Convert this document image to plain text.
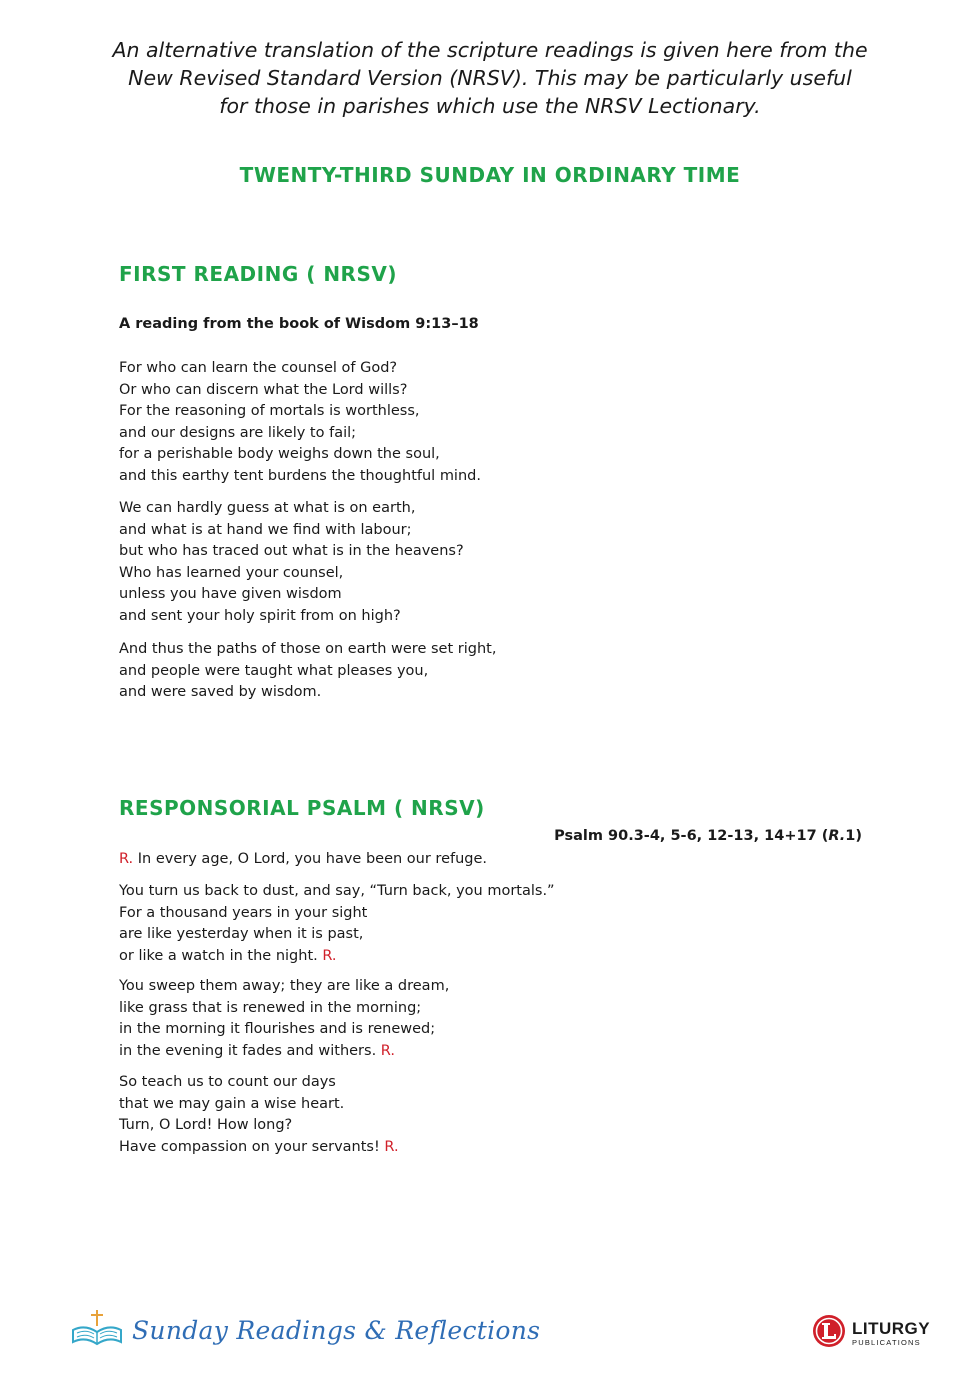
An alternative translation of the scripture readings is given here from the
New Revised Standard Version (NRSV). This may be particularly useful
for those in parishes which use the NRSV Lectionary.

TWENTY-THIRD SUNDAY IN ORDINARY TIME
FIRST READING ( NRSV)

A reading from the book of Wisdom 9:13–18

For who can learn the counsel of God?
Or who can discern what the Lord wills?
For the reasoning of mortals is worthless,
and our designs are likely to fail;
for a perishable body weighs down the soul,
and this earthy tent burdens the thoughtful mind.

We can hardly guess at what is on earth,
and what is at hand we find with labour;
but who has traced out what is in the heavens?
Who has learned your counsel,
unless you have given wisdom
and sent your holy spirit from on high?

And thus the paths of those on earth were set right,
and people were taught what pleases you,
and were saved by wisdom.

RESPONSORIAL PSALM ( NRSV)

Psalm 90.3-4, 5-6, 12-13, 14+17 (R.1)

R. In every age, O Lord, you have been our refuge.

You turn us back to dust, and say, “Turn back, you mortals.”
For a thousand years in your sight
are like yesterday when it is past,
or like a watch in the night. R.

You sweep them away; they are like a dream,
like grass that is renewed in the morning;
in the morning it flourishes and is renewed;
in the evening it fades and withers. R.

So teach us to count our days
that we may gain a wise heart.
Turn, O Lord! How long?
Have compassion on your servants! R.

Sunday Readings & Reflections	LITURGY
PUBLICATIONS
